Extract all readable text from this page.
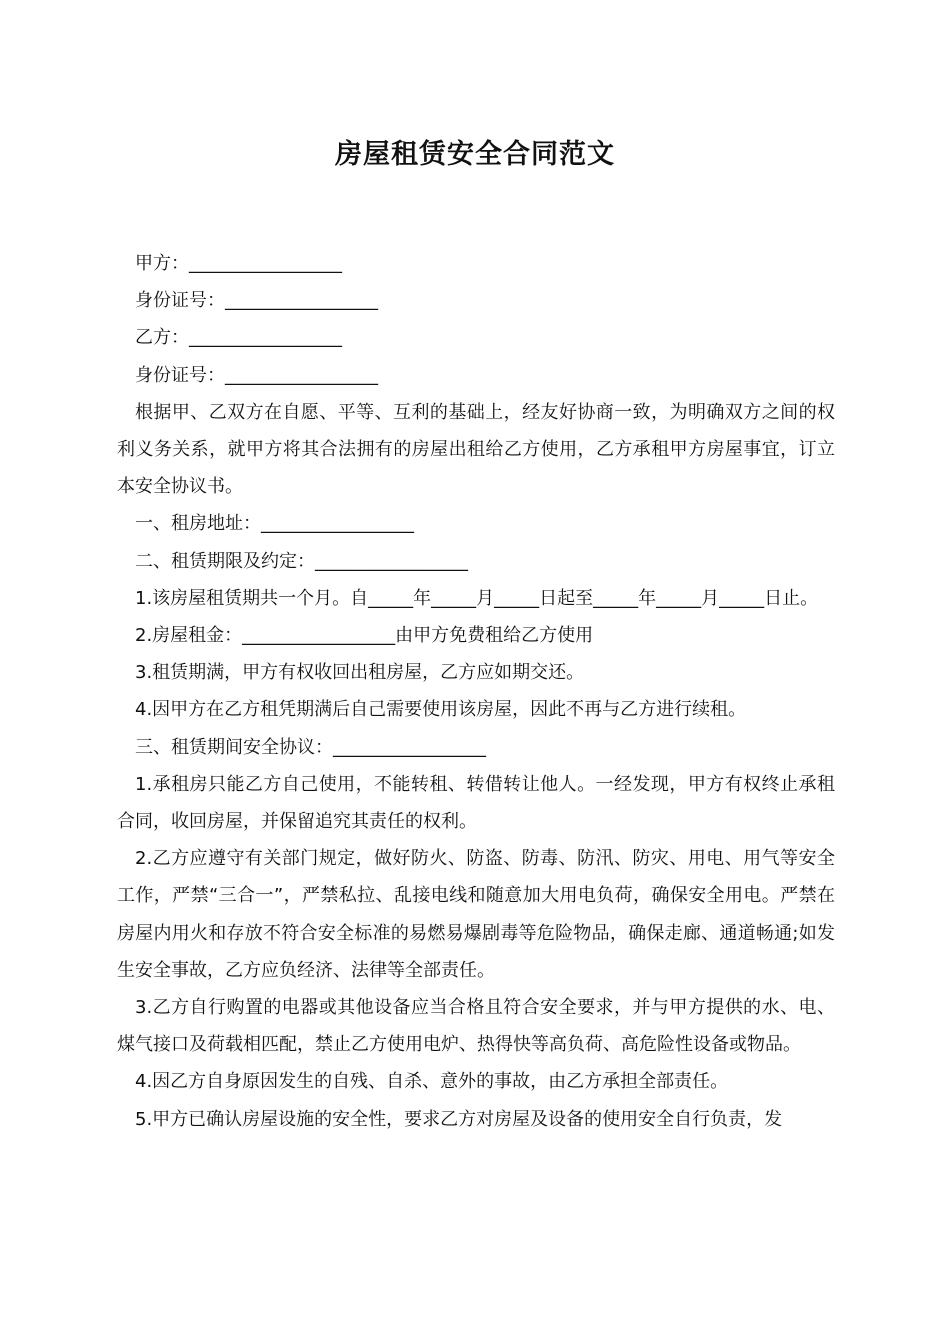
房屋租赁安全合同范文

甲方：_________________

身份证号：_________________

乙方：_________________

身份证号：_________________

根据甲、乙双方在自愿、平等、互利的基础上，经友好协商一致，为明确双方之间的权利义务关系，就甲方将其合法拥有的房屋出租给乙方使用，乙方承租甲方房屋事宜，订立本安全协议书。

一、租房地址：_________________

二、租赁期限及约定：_________________

1.该房屋租赁期共一个月。自_____年_____月_____日起至_____年_____月_____日止。

2.房屋租金：_________________由甲方免费租给乙方使用

3.租赁期满，甲方有权收回出租房屋，乙方应如期交还。

4.因甲方在乙方租凭期满后自己需要使用该房屋，因此不再与乙方进行续租。

三、租赁期间安全协议：_________________

1.承租房只能乙方自己使用，不能转租、转借转让他人。一经发现，甲方有权终止承租合同，收回房屋，并保留追究其责任的权利。

2.乙方应遵守有关部门规定，做好防火、防盗、防毒、防汛、防灾、用电、用气等安全工作，严禁“三合一”，严禁私拉、乱接电线和随意加大用电负荷，确保安全用电。严禁在房屋内用火和存放不符合安全标准的易燃易爆剧毒等危险物品，确保走廊、通道畅通;如发生安全事故，乙方应负经济、法律等全部责任。

3.乙方自行购置的电器或其他设备应当合格且符合安全要求，并与甲方提供的水、电、煤气接口及荷载相匹配，禁止乙方使用电炉、热得快等高负荷、高危险性设备或物品。

4.因乙方自身原因发生的自残、自杀、意外的事故，由乙方承担全部责任。

5.甲方已确认房屋设施的安全性，要求乙方对房屋及设备的使用安全自行负责，发
